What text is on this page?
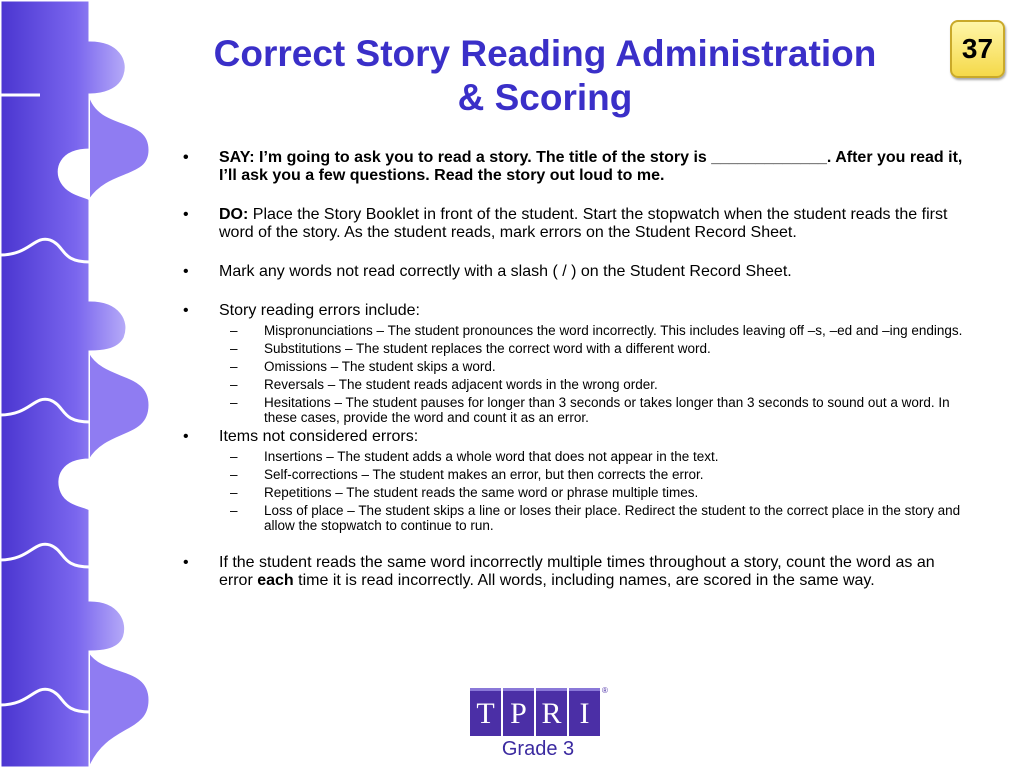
37
Correct Story Reading Administration
& Scoring
• SAY: I’m going to ask you to read a story. The title of the story is _____________. After you read it, I’ll ask you a few questions. Read the story out loud to me.
• DO: Place the Story Booklet in front of the student. Start the stopwatch when the student reads the first word of the story. As the student reads, mark errors on the Student Record Sheet.
• Mark any words not read correctly with a slash ( / ) on the Student Record Sheet.
• Story reading errors include:
– Mispronunciations – The student pronounces the word incorrectly. This includes leaving off –s, –ed and –ing endings.
– Substitutions – The student replaces the correct word with a different word.
– Omissions – The student skips a word.
– Reversals – The student reads adjacent words in the wrong order.
– Hesitations – The student pauses for longer than 3 seconds or takes longer than 3 seconds to sound out a word. In these cases, provide the word and count it as an error.
• Items not considered errors:
– Insertions – The student adds a whole word that does not appear in the text.
– Self-corrections – The student makes an error, but then corrects the error.
– Repetitions – The student reads the same word or phrase multiple times.
– Loss of place – The student skips a line or loses their place. Redirect the student to the correct place in the story and allow the stopwatch to continue to run.
• If the student reads the same word incorrectly multiple times throughout a story, count the word as an error each time it is read incorrectly. All words, including names, are scored in the same way.
T P R I
®
Grade 3
